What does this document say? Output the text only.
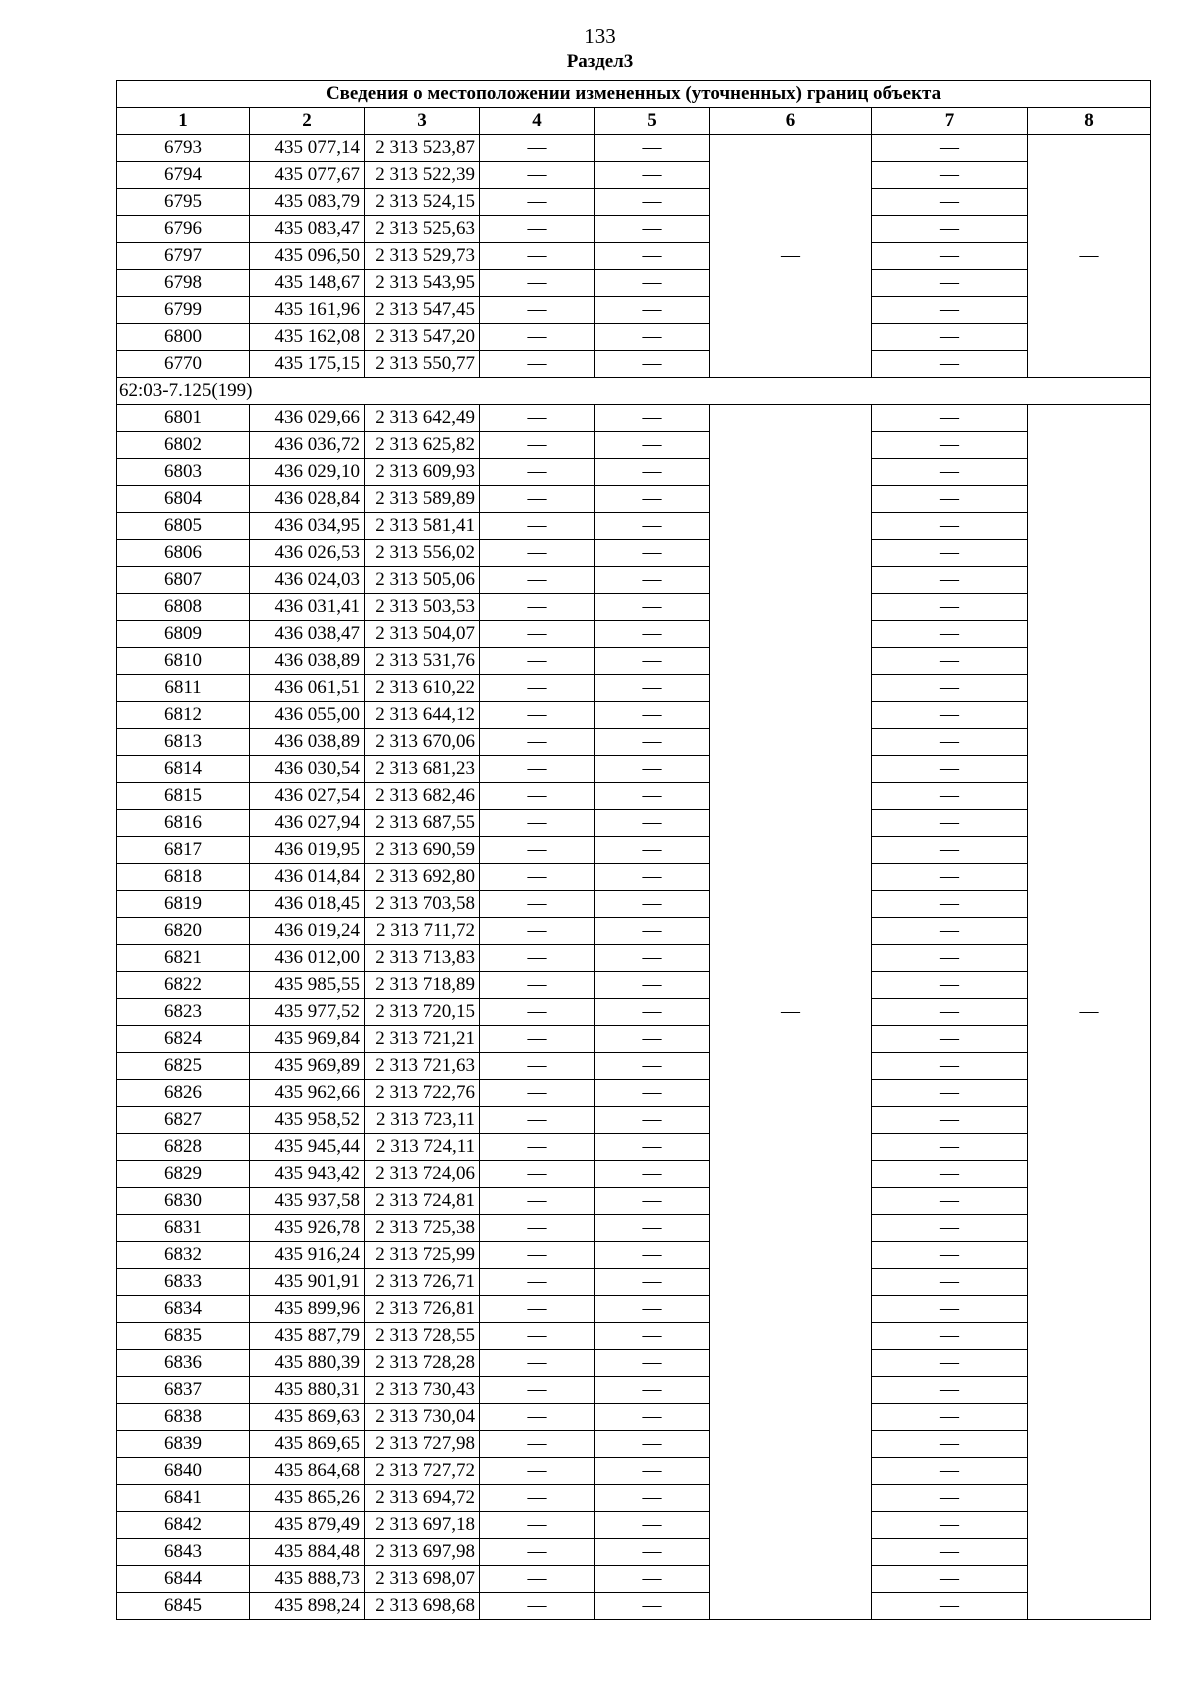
133
Раздел3
Сведения о местоположении измененных (уточненных) границ объекта							
1	2	3	4	5	6	7	8
6793	435 077,14	2 313 523,87	—	—	—	—	—
6794	435 077,67	2 313 522,39	—	—		—	
6795	435 083,79	2 313 524,15	—	—		—	
6796	435 083,47	2 313 525,63	—	—		—	
6797	435 096,50	2 313 529,73	—	—		—	
6798	435 148,67	2 313 543,95	—	—		—	
6799	435 161,96	2 313 547,45	—	—		—	
6800	435 162,08	2 313 547,20	—	—		—	
6770	435 175,15	2 313 550,77	—	—		—	
62:03-7.125(199)							
6801	436 029,66	2 313 642,49	—	—	—	—	—
6802	436 036,72	2 313 625,82	—	—		—	
6803	436 029,10	2 313 609,93	—	—		—	
6804	436 028,84	2 313 589,89	—	—		—	
6805	436 034,95	2 313 581,41	—	—		—	
6806	436 026,53	2 313 556,02	—	—		—	
6807	436 024,03	2 313 505,06	—	—		—	
6808	436 031,41	2 313 503,53	—	—		—	
6809	436 038,47	2 313 504,07	—	—		—	
6810	436 038,89	2 313 531,76	—	—		—	
6811	436 061,51	2 313 610,22	—	—		—	
6812	436 055,00	2 313 644,12	—	—		—	
6813	436 038,89	2 313 670,06	—	—		—	
6814	436 030,54	2 313 681,23	—	—		—	
6815	436 027,54	2 313 682,46	—	—		—	
6816	436 027,94	2 313 687,55	—	—		—	
6817	436 019,95	2 313 690,59	—	—		—	
6818	436 014,84	2 313 692,80	—	—		—	
6819	436 018,45	2 313 703,58	—	—		—	
6820	436 019,24	2 313 711,72	—	—		—	
6821	436 012,00	2 313 713,83	—	—		—	
6822	435 985,55	2 313 718,89	—	—		—	
6823	435 977,52	2 313 720,15	—	—		—	
6824	435 969,84	2 313 721,21	—	—		—	
6825	435 969,89	2 313 721,63	—	—		—	
6826	435 962,66	2 313 722,76	—	—		—	
6827	435 958,52	2 313 723,11	—	—		—	
6828	435 945,44	2 313 724,11	—	—		—	
6829	435 943,42	2 313 724,06	—	—		—	
6830	435 937,58	2 313 724,81	—	—		—	
6831	435 926,78	2 313 725,38	—	—		—	
6832	435 916,24	2 313 725,99	—	—		—	
6833	435 901,91	2 313 726,71	—	—		—	
6834	435 899,96	2 313 726,81	—	—		—	
6835	435 887,79	2 313 728,55	—	—		—	
6836	435 880,39	2 313 728,28	—	—		—	
6837	435 880,31	2 313 730,43	—	—		—	
6838	435 869,63	2 313 730,04	—	—		—	
6839	435 869,65	2 313 727,98	—	—		—	
6840	435 864,68	2 313 727,72	—	—		—	
6841	435 865,26	2 313 694,72	—	—		—	
6842	435 879,49	2 313 697,18	—	—		—	
6843	435 884,48	2 313 697,98	—	—		—	
6844	435 888,73	2 313 698,07	—	—		—	
6845	435 898,24	2 313 698,68	—	—		—	
